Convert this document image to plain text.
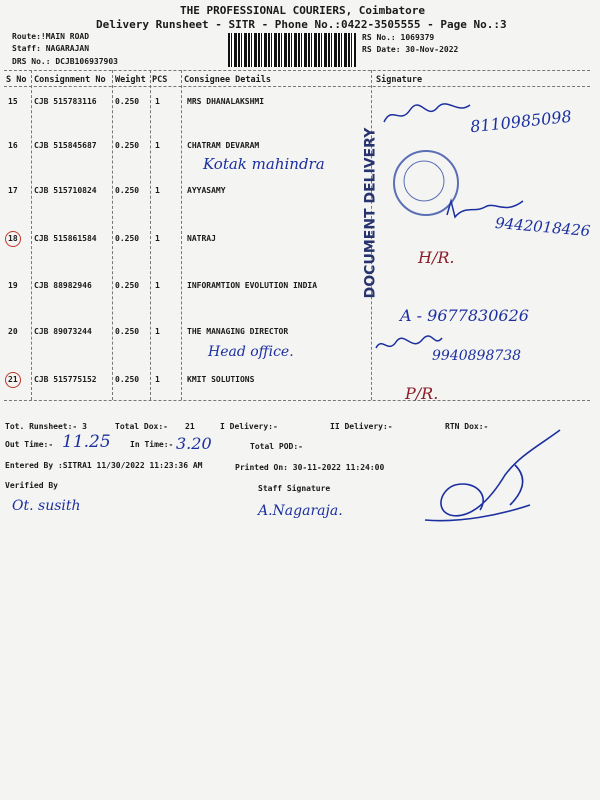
THE PROFESSIONAL COURIERS, Coimbatore
Delivery Runsheet - SITR - Phone No.:0422-3505555 - Page No.:3
Route:!MAIN ROAD
Staff: NAGARAJAN
DRS No.: DCJB106937903
RS No.: 1069379
RS Date: 30-Nov-2022
S No Consignment No Weight PCS Consignee Details	Signature
15 CJB 515783116 0.250 1	MRS DHANALAKSHMI
8110985098
16 CJB 515845687 0.250 1	CHATRAM DEVARAM
Kotak mahindra
17 CJB 515710824 0.250 1	AYYASAMY
9442018426
18 CJB 515861584 0.250 1	NATRAJ
H/R.
19 CJB 88982946	0.250 1	INFORAMTION EVOLUTION INDIA
A - 9677830626
20 CJB 89073244	0.250 1	THE MANAGING DIRECTOR
Head office.	9940898738
21 CJB 515775152 0.250 1	KMIT SOLUTIONS
P/R.
DOCUMENT DELIVERY
Tot. Runsheet:- 3	Total Dox:- 21	I Delivery:-	II Delivery:-	RTN Dox:-
Out Time:- 11.25 In Time:- 3.20	Total POD:-
Entered By :SITRA1 11/30/2022 11:23:36 AM	Printed On: 30-11-2022 11:24:00
Verified By	Staff Signature
Ot. susith	A.Nagaraja.
